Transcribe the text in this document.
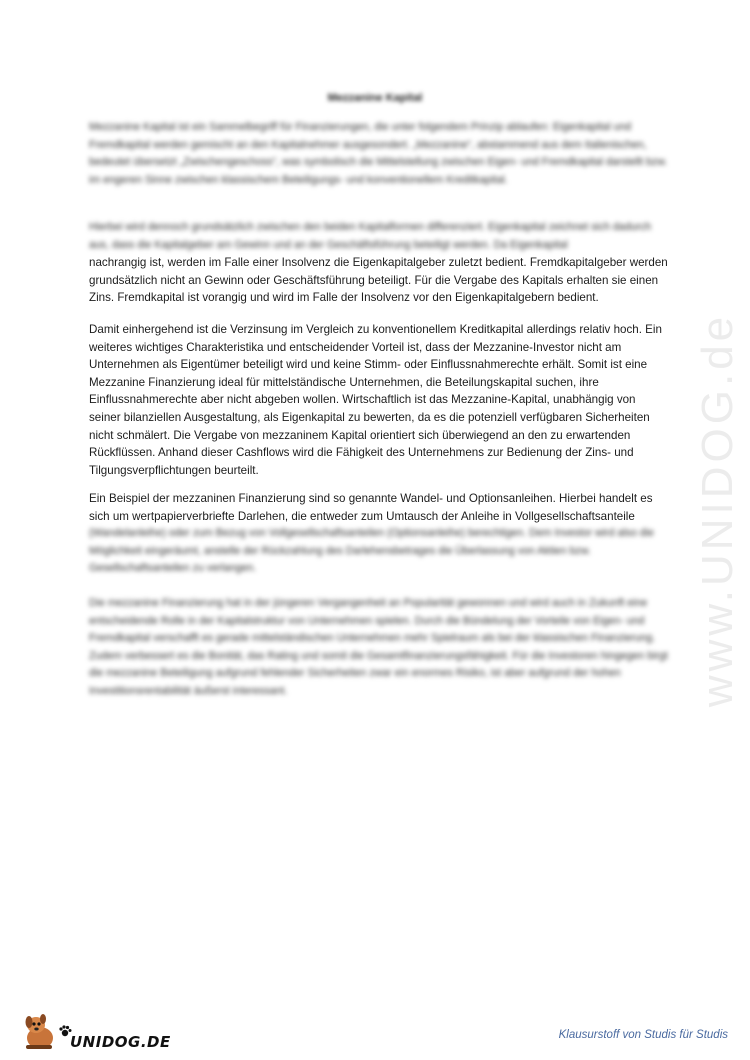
Mezzanine Kapital

Mezzanine Kapital ist ein Sammelbegriff für Finanzierungen, die unter folgendem Prinzip ablaufen: Eigenkapital und Fremdkapital werden gemischt an den Kapitalnehmer ausgesondert. „Mezzanine“, abstammend aus dem Italienischen, bedeutet übersetzt „Zwischengeschoss“, was symbolisch die Mittelstellung zwischen Eigen- und Fremdkapital darstellt bzw. im engeren Sinne zwischen klassischem Beteiligungs- und konventionellem Kreditkapital.

Hierbei wird dennoch grundsätzlich zwischen den beiden Kapitalformen differenziert. Eigenkapital zeichnet sich dadurch aus, dass die Kapitalgeber am Gewinn und an der Geschäftsführung beteiligt werden. Da Eigenkapital

nachrangig ist, werden im Falle einer Insolvenz die Eigenkapitalgeber zuletzt bedient. Fremdkapitalgeber werden grundsätzlich nicht an Gewinn oder Geschäftsführung beteiligt. Für die Vergabe des Kapitals erhalten sie einen Zins. Fremdkapital ist vorangig und wird im Falle der Insolvenz vor den Eigenkapitalgebern bedient.

Damit einhergehend ist die Verzinsung im Vergleich zu konventionellem Kreditkapital allerdings relativ hoch. Ein weiteres wichtiges Charakteristika und entscheidender Vorteil ist, dass der Mezzanine-Investor nicht am Unternehmen als Eigentümer beteiligt wird und keine Stimm- oder Einflussnahmerechte erhält. Somit ist eine Mezzanine Finanzierung ideal für mittelständische Unternehmen, die Beteilungskapital suchen, ihre Einflussnahmerechte aber nicht abgeben wollen. Wirtschaftlich ist das Mezzanine-Kapital, unabhängig von seiner bilanziellen Ausgestaltung, als Eigenkapital zu bewerten, da es die potenziell verfügbaren Sicherheiten nicht schmälert. Die Vergabe von mezzaninem Kapital orientiert sich überwiegend an den zu erwartenden Rückflüssen. Anhand dieser Cashflows wird die Fähigkeit des Unternehmens zur Bedienung der Zins- und Tilgungsverpflichtungen beurteilt.

Ein Beispiel der mezzaninen Finanzierung sind so genannte Wandel- und Optionsanleihen. Hierbei handelt es sich um wertpapierverbriefte Darlehen, die entweder zum Umtausch der Anleihe in Vollgesellschaftsanteile

(Wandelanleihe) oder zum Bezug von Vollgesellschaftsanteilen (Optionsanleihe) berechtigen. Dem Investor wird also die Möglichkeit eingeräumt, anstelle der Rückzahlung des Darlehensbetrages die Überlassung von Aktien bzw. Gesellschaftsanteilen zu verlangen.

Die mezzanine Finanzierung hat in der jüngeren Vergangenheit an Popularität gewonnen und wird auch in Zukunft eine entscheidende Rolle in der Kapitalstruktur von Unternehmen spielen. Durch die Bündelung der Vorteile von Eigen- und Fremdkapital verschafft es gerade mittelständischen Unternehmen mehr Spielraum als bei der klassischen Finanzierung. Zudem verbessert es die Bonität, das Rating und somit die Gesamtfinanzierungsfähigkeit. Für die Investoren hingegen birgt die mezzanine Beteiligung aufgrund fehlender Sicherheiten zwar ein enormes Risiko, ist aber aufgrund der hohen Investitionsrentabilität äußerst interessant.	www.UNIDOG.de
UNIDOG.DE	Klausurstoff von Studis für Studis
